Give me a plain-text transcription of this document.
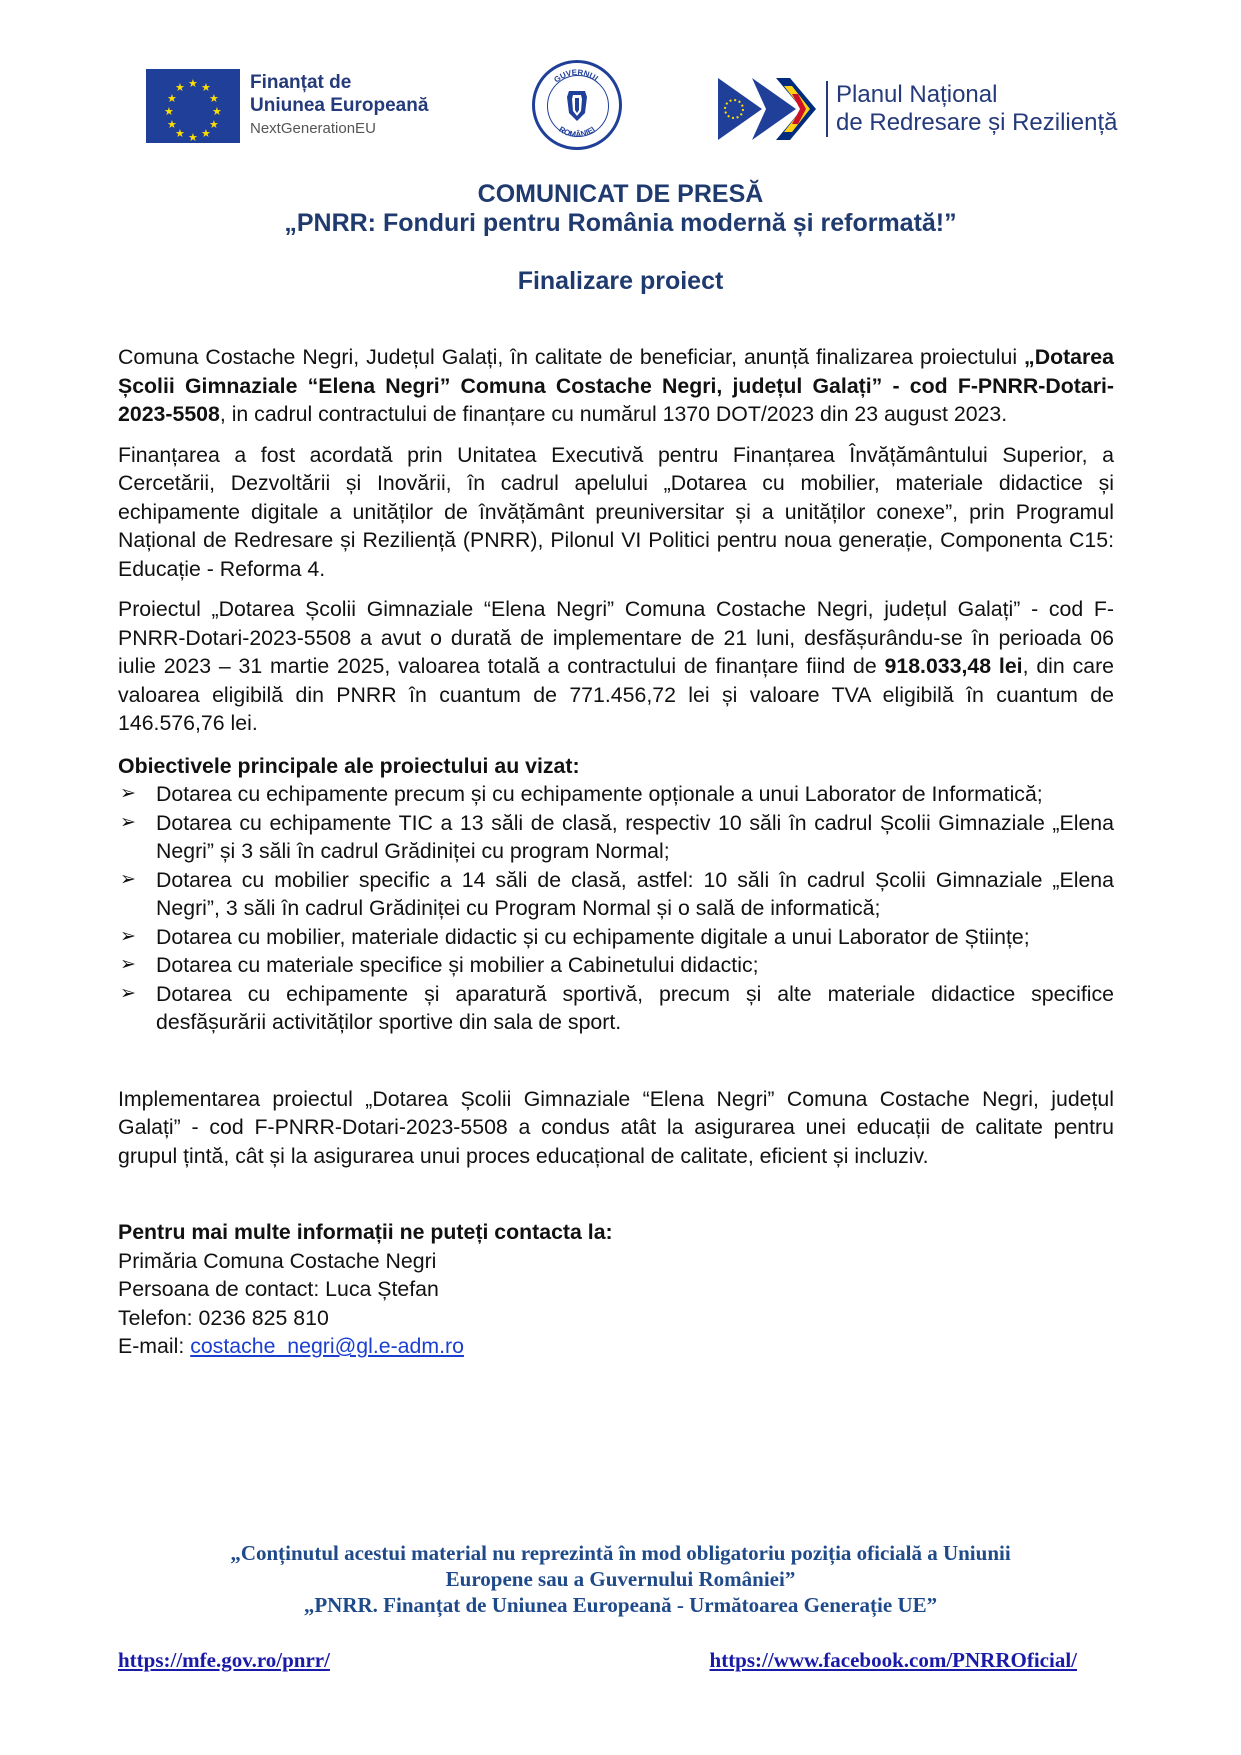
★ ★
★
★
★
★
★
★
★
★
★
★	Finanțat de
Uniunea Europeană
NextGenerationEU
GUVERNUL
ROMÂNIEI
Planul Național
de Redresare și Reziliență
COMUNICAT DE PRESĂ
„PNRR: Fonduri pentru România modernă și reformată!”
Finalizare proiect

Comuna Costache Negri, Județul Galați, în calitate de beneficiar, anunță finalizarea proiectului „Dotarea Școlii Gimnaziale “Elena Negri” Comuna Costache Negri, județul Galați” - cod F-PNRR-Dotari-2023-5508, in cadrul contractului de finanțare cu numărul 1370 DOT/2023 din 23 august 2023.

Finanțarea a fost acordată prin Unitatea Executivă pentru Finanțarea Învățământului Superior, a Cercetării, Dezvoltării și Inovării, în cadrul apelului „Dotarea cu mobilier, materiale didactice și echipamente digitale a unităților de învățământ preuniversitar și a unităților conexe”, prin Programul Național de Redresare și Reziliență (PNRR), Pilonul VI Politici pentru noua generație, Componenta C15: Educație - Reforma 4.

Proiectul „Dotarea Școlii Gimnaziale “Elena Negri” Comuna Costache Negri, județul Galați” - cod F-PNRR-Dotari-2023-5508 a avut o durată de implementare de 21 luni, desfășurându-se în perioada 06 iulie 2023 – 31 martie 2025, valoarea totală a contractului de finanțare fiind de 918.033,48 lei, din care valoarea eligibilă din PNRR în cuantum de 771.456,72 lei și valoare TVA eligibilă în cuantum de 146.576,76 lei.

Obiectivele principale ale proiectului au vizat:
➢ Dotarea cu echipamente precum și cu echipamente opționale a unui Laborator de Informatică;
➢ Dotarea cu echipamente TIC a 13 săli de clasă, respectiv 10 săli în cadrul Școlii Gimnaziale „Elena Negri” și 3 săli în cadrul Grădiniței cu program Normal;
➢ Dotarea cu mobilier specific a 14 săli de clasă, astfel: 10 săli în cadrul Școlii Gimnaziale „Elena Negri”, 3 săli în cadrul Grădiniței cu Program Normal și o sală de informatică;
➢ Dotarea cu mobilier, materiale didactic și cu echipamente digitale a unui Laborator de Științe;
➢ Dotarea cu materiale specifice și mobilier a Cabinetului didactic;
➢ Dotarea cu echipamente și aparatură sportivă, precum și alte materiale didactice specifice desfășurării activităților sportive din sala de sport.

Implementarea proiectul „Dotarea Școlii Gimnaziale “Elena Negri” Comuna Costache Negri, județul Galați” - cod F-PNRR-Dotari-2023-5508 a condus atât la asigurarea unei educații de calitate pentru grupul țintă, cât și la asigurarea unui proces educațional de calitate, eficient și incluziv.

Pentru mai multe informații ne puteți contacta la:
Primăria Comuna Costache Negri
Persoana de contact: Luca Ștefan
Telefon: 0236 825 810
E-mail: costache_negri@gl.e-adm.ro
„Conținutul acestui material nu reprezintă în mod obligatoriu poziția oficială a Uniunii
Europene sau a Guvernului României”
„PNRR. Finanțat de Uniunea Europeană - Următoarea Generație UE”
https://mfe.gov.ro/pnrr/	https://www.facebook.com/PNRROficial/
